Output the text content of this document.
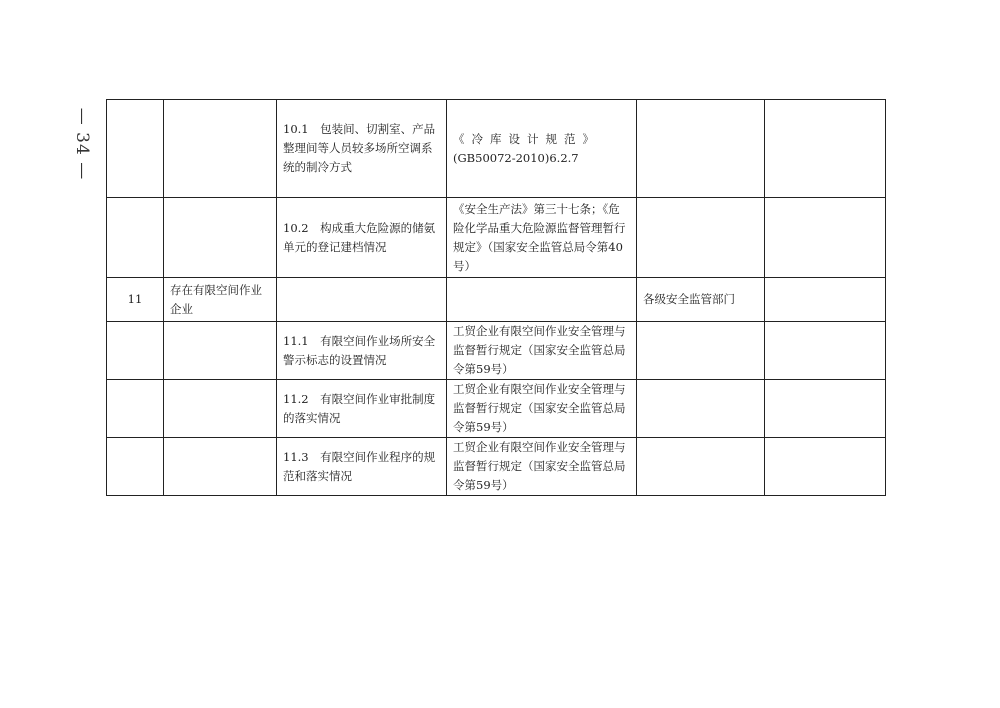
— 34 —
			10.1　包装间、切割室、产品整理间等人员较多场所空调系统的制冷方式	《冷库设计规范》
(GB50072-2010)6.2.7		

		10.2　构成重大危险源的储氨单元的登记建档情况	《安全生产法》第三十七条；《危险化学品重大危险源监督管理暂行规定》（国家安全监管总局令第40号）		
11	存在有限空间作业企业			各级安全监管部门	
		11.1　有限空间作业场所安全警示标志的设置情况	工贸企业有限空间作业安全管理与监督暂行规定（国家安全监管总局令第59号）		
		11.2　有限空间作业审批制度的落实情况	工贸企业有限空间作业安全管理与监督暂行规定（国家安全监管总局令第59号）		
		11.3　有限空间作业程序的规范和落实情况	工贸企业有限空间作业安全管理与监督暂行规定（国家安全监管总局令第59号）		
